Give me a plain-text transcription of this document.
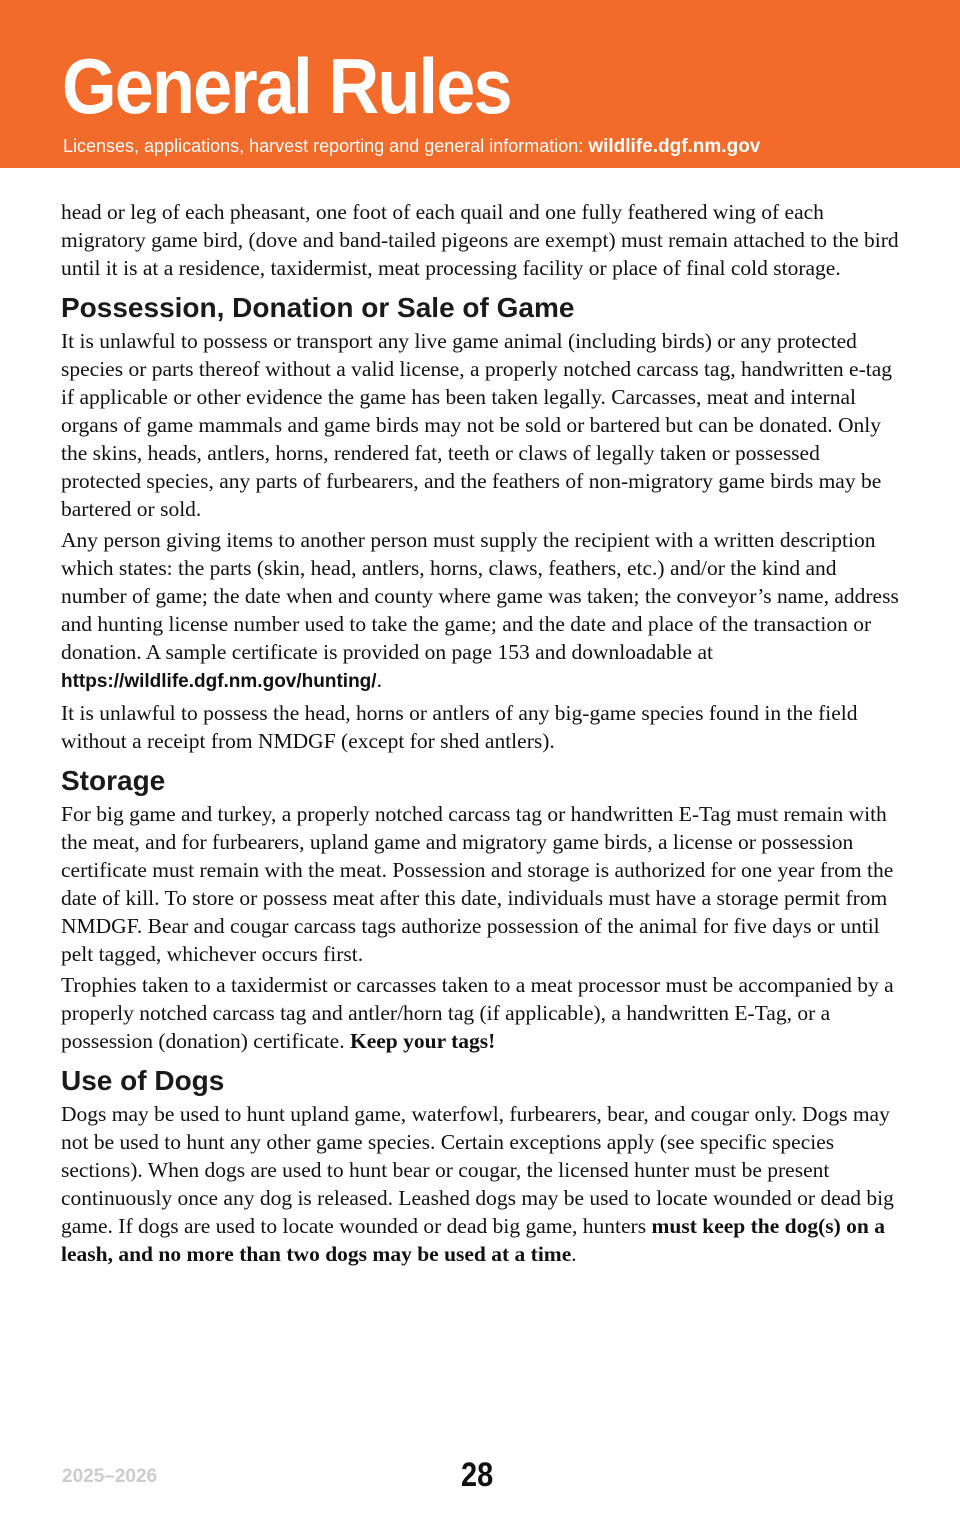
General Rules
Licenses, applications, harvest reporting and general information: wildlife.dgf.nm.gov

head or leg of each pheasant, one foot of each quail and one fully feathered wing of each migratory game bird, (dove and band-tailed pigeons are exempt) must remain attached to the bird until it is at a residence, taxidermist, meat processing facility or place of final cold storage.

Possession, Donation or Sale of Game

It is unlawful to possess or transport any live game animal (including birds) or any protected species or parts thereof without a valid license, a properly notched carcass tag, handwritten e-tag if applicable or other evidence the game has been taken legally. Carcasses, meat and internal organs of game mammals and game birds may not be sold or bartered but can be donated. Only the skins, heads, antlers, horns, rendered fat, teeth or claws of legally taken or possessed protected species, any parts of furbearers, and the feathers of non-migratory game birds may be bartered or sold.

Any person giving items to another person must supply the recipient with a written description which states: the parts (skin, head, antlers, horns, claws, feathers, etc.) and/or the kind and number of game; the date when and county where game was taken; the conveyor’s name, address and hunting license number used to take the game; and the date and place of the transaction or donation. A sample certificate is provided on page 153 and downloadable at https://wildlife.dgf.nm.gov/hunting/.

It is unlawful to possess the head, horns or antlers of any big-game species found in the field without a receipt from NMDGF (except for shed antlers).

Storage

For big game and turkey, a properly notched carcass tag or handwritten E-Tag must remain with the meat, and for furbearers, upland game and migratory game birds, a license or possession certificate must remain with the meat. Possession and storage is authorized for one year from the date of kill. To store or possess meat after this date, individuals must have a storage permit from NMDGF. Bear and cougar carcass tags authorize possession of the animal for five days or until pelt tagged, whichever occurs first.

Trophies taken to a taxidermist or carcasses taken to a meat processor must be accompanied by a properly notched carcass tag and antler/horn tag (if applicable), a handwritten E-Tag, or a possession (donation) certificate. Keep your tags!

Use of Dogs

Dogs may be used to hunt upland game, waterfowl, furbearers, bear, and cougar only. Dogs may not be used to hunt any other game species. Certain exceptions apply (see specific species sections). When dogs are used to hunt bear or cougar, the licensed hunter must be present continuously once any dog is released. Leashed dogs may be used to locate wounded or dead big game. If dogs are used to locate wounded or dead big game, hunters must keep the dog(s) on a leash, and no more than two dogs may be used at a time.

2025–2026	28
